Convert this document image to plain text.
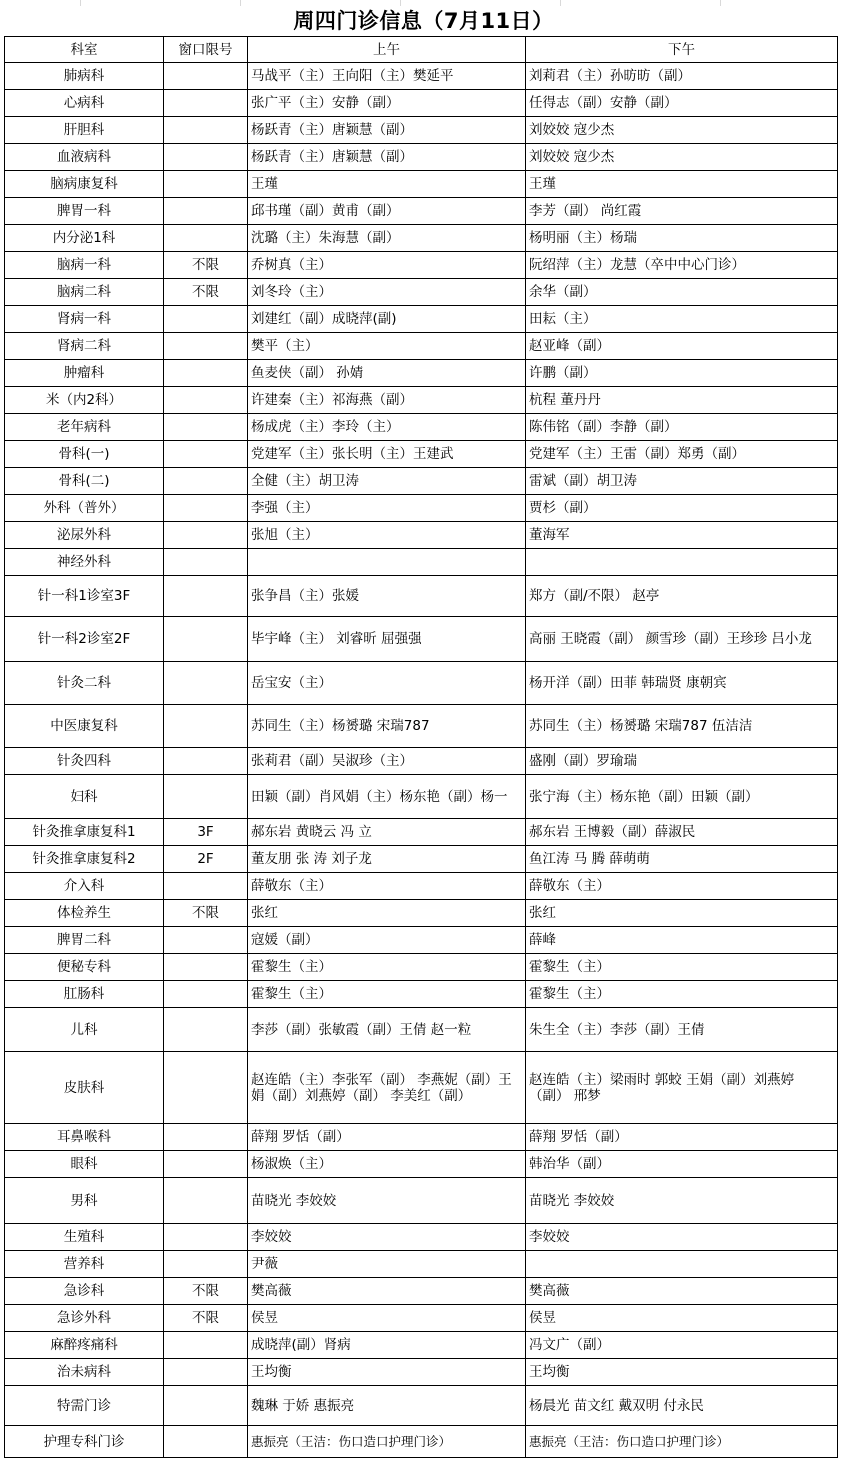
周四门诊信息（7月11日）
科室	窗口限号	上午	下午
肺病科		马战平（主）王向阳（主）樊延平	刘莉君（主）孙昉昉（副）
心病科		张广平（主）安静（副）	任得志（副）安静（副）
肝胆科		杨跃青（主）唐颖慧（副）	刘姣姣 寇少杰
血液病科		杨跃青（主）唐颖慧（副）	刘姣姣 寇少杰
脑病康复科		王瑾	王瑾
脾胃一科		邱书瑾（副）黄甫（副）	李芳（副） 尚红霞
内分泌1科		沈璐（主）朱海慧（副）	杨明丽（主）杨瑞
脑病一科	不限	乔树真（主）	阮绍萍（主）龙慧（卒中中心门诊）
脑病二科	不限	刘冬玲（主）	余华（副）
肾病一科		刘建红（副）成晓萍(副)	田耘（主）
肾病二科		樊平（主）	赵亚峰（副）
肿瘤科		鱼麦侠（副） 孙婧	许鹏（副）
米（内2科）		许建秦（主）祁海燕（副）	杭程 董丹丹
老年病科		杨成虎（主）李玲（主）	陈伟铭（副）李静（副）
骨科(一)		党建军（主）张长明（主）王建武	党建军（主）王雷（副）郑勇（副）
骨科(二)		全健（主）胡卫涛	雷斌（副）胡卫涛
外科（普外）		李强（主）	贾杉（副）
泌尿外科		张旭（主）	董海军
神经外科			
针一科1诊室3F		张争昌（主）张媛	郑方（副/不限） 赵亭
针一科2诊室2F		毕宇峰（主） 刘睿昕 屈强强	高丽 王晓霞（副） 颜雪珍（副）王珍珍 吕小龙
针灸二科		岳宝安（主）	杨开洋（副）田菲 韩瑞贤 康朝宾
中医康复科		苏同生（主）杨赟璐 宋瑞787	苏同生（主）杨赟璐 宋瑞787 伍洁洁
针灸四科		张莉君（副）吴淑珍（主）	盛刚（副）罗瑜瑞
妇科		田颖（副）肖风娟（主）杨东艳（副）杨一	张宁海（主）杨东艳（副）田颖（副）
针灸推拿康复科1	3F	郝东岩 黄晓云 冯 立	郝东岩 王博毅（副）薛淑民
针灸推拿康复科2	2F	董友朋 张 涛 刘子龙	鱼江涛 马 腾 薛萌萌
介入科		薛敬东（主）	薛敬东（主）
体检养生	不限	张红	张红
脾胃二科		寇媛（副）	薛峰
便秘专科		霍黎生（主）	霍黎生（主）
肛肠科		霍黎生（主）	霍黎生（主）
儿科		李莎（副）张敏霞（副）王倩 赵一粒	朱生全（主）李莎（副）王倩
皮肤科		赵连皓（主）李张军（副） 李燕妮（副）王娟（副）刘燕婷（副） 李美红（副）	赵连皓（主）梁雨时 郭蛟 王娟（副）刘燕婷（副） 邢梦
耳鼻喉科		薛翔 罗恬（副）	薛翔 罗恬（副）
眼科		杨淑焕（主）	韩治华（副）
男科		苗晓光 李姣姣	苗晓光 李姣姣
生殖科		李姣姣	李姣姣
营养科		尹薇	
急诊科	不限	樊高薇	樊高薇
急诊外科	不限	侯昱	侯昱
麻醉疼痛科		成晓萍(副）肾病	冯文广（副）
治未病科		王均衡	王均衡
特需门诊		魏琳 于娇 惠振亮	杨晨光 苗文红 戴双明 付永民
护理专科门诊		惠振亮（王洁：伤口造口护理门诊）	惠振亮（王洁：伤口造口护理门诊）
